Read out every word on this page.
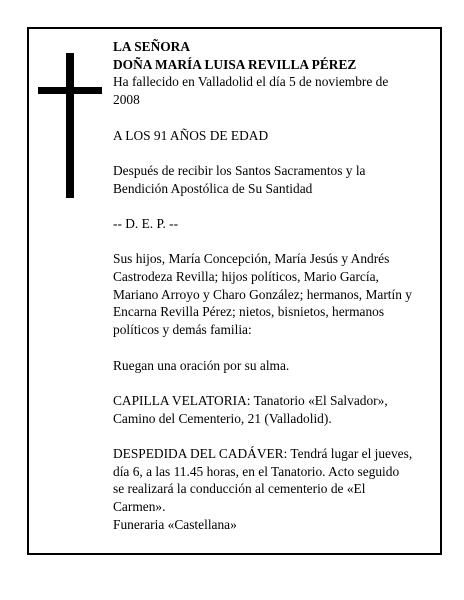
LA SEÑORA

DOÑA MARÍA LUISA REVILLA PÉREZ

Ha fallecido en Valladolid el día 5 de noviembre de 2008

A LOS 91 AÑOS DE EDAD

Después de recibir los Santos Sacramentos y la Bendición Apostólica de Su Santidad

-- D. E. P. --

Sus hijos, María Concepción, María Jesús y Andrés Castrodeza Revilla; hijos políticos, Mario García, Mariano Arroyo y Charo González; hermanos, Martín y Encarna Revilla Pérez; nietos, bisnietos, hermanos políticos y demás familia:

Ruegan una oración por su alma.

CAPILLA VELATORIA: Tanatorio «El Salvador», Camino del Cementerio, 21 (Valladolid).

DESPEDIDA DEL CADÁVER: Tendrá lugar el jueves, día 6, a las 11.45 horas, en el Tanatorio. Acto seguido se realizará la conducción al cementerio de «El Carmen».

Funeraria «Castellana»
